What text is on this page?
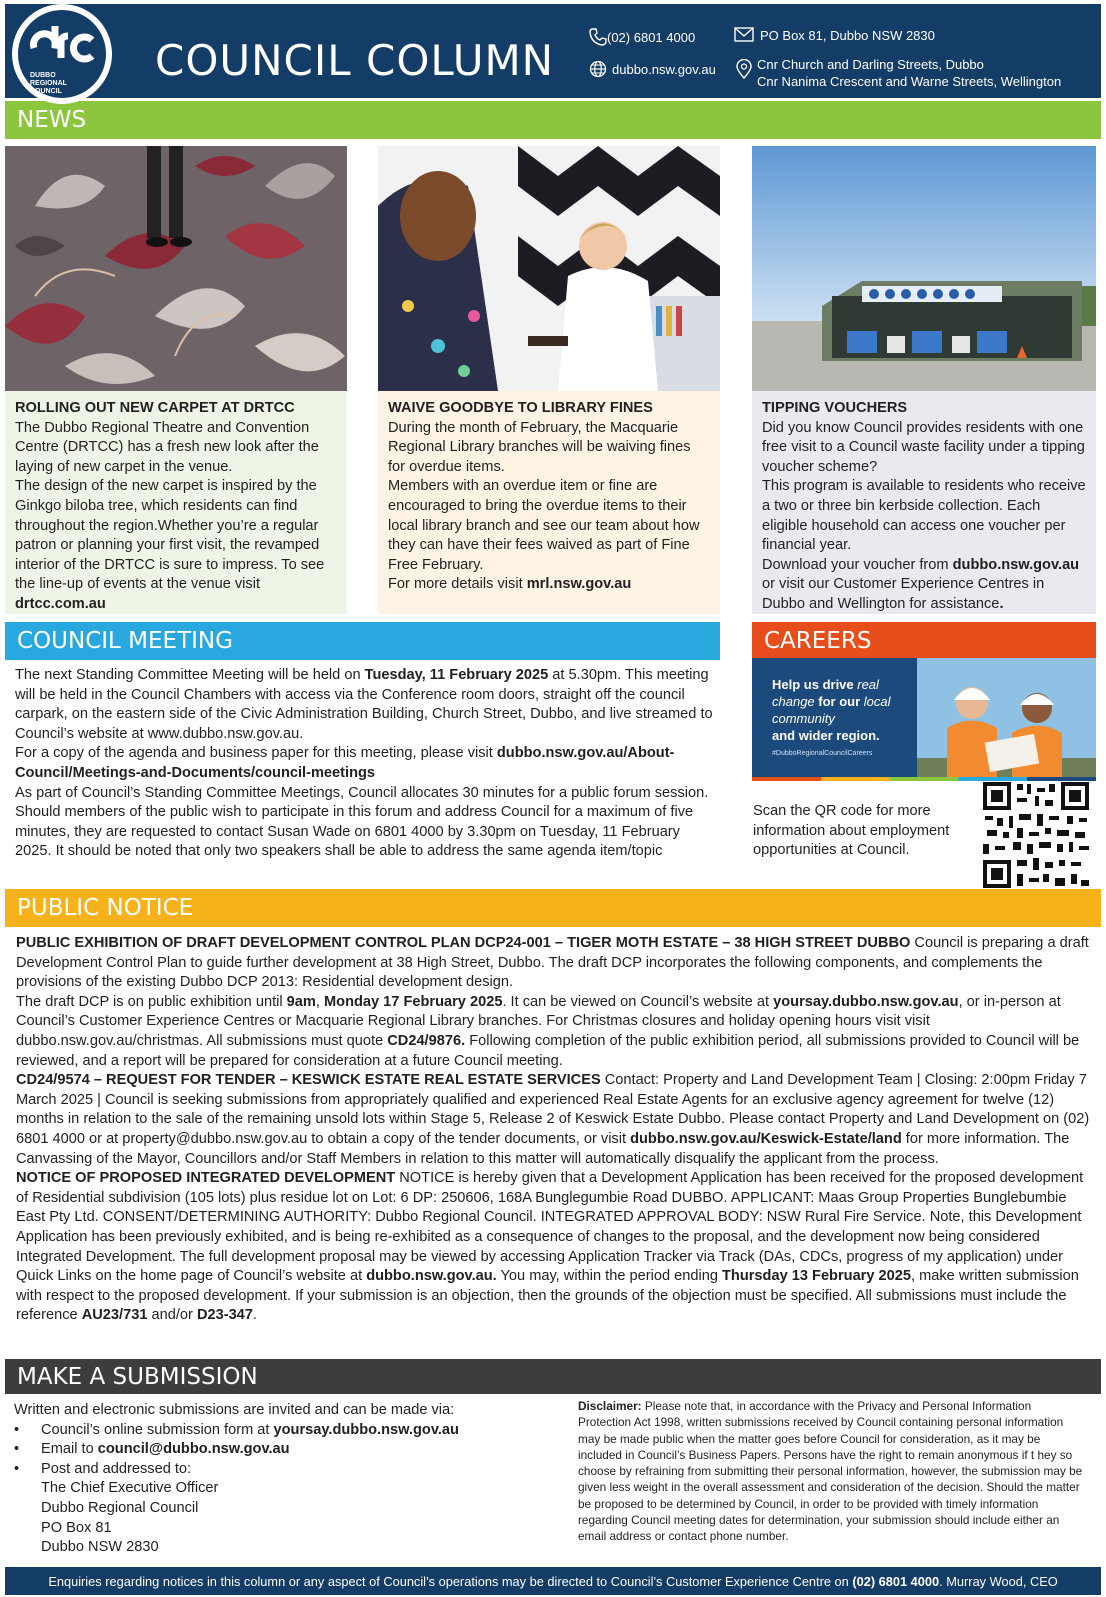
COUNCIL COLUMN	(02) 6801 4000
dubbo.nsw.gov.au
PO Box 81, Dubbo NSW 2830
Cnr Church and Darling Streets, Dubbo
Cnr Nanima Crescent and Warne Streets, Wellington
DUBBO REGIONAL COUNCIL
NEWS
ROLLING OUT NEW CARPET AT DRTCC

The Dubbo Regional Theatre and Convention Centre (DRTCC) has a fresh new look after the laying of new carpet in the venue.

The design of the new carpet is inspired by the Ginkgo biloba tree, which residents can find throughout the region.Whether you’re a regular patron or planning your first visit, the revamped interior of the DRTCC is sure to impress. To see the line-up of events at the venue visit drtcc.com.au

WAIVE GOODBYE TO LIBRARY FINES

During the month of February, the Macquarie Regional Library branches will be waiving fines for overdue items.

Members with an overdue item or fine are encouraged to bring the overdue items to their local library branch and see our team about how they can have their fees waived as part of Fine Free February.

For more details visit mrl.nsw.gov.au

TIPPING VOUCHERS

Did you know Council provides residents with one free visit to a Council waste facility under a tipping voucher scheme?

This program is available to residents who receive a two or three bin kerbside collection. Each eligible household can access one voucher per financial year.

Download your voucher from dubbo.nsw.gov.au or visit our Customer Experience Centres in Dubbo and Wellington for assistance.

COUNCIL MEETING

The next Standing Committee Meeting will be held on Tuesday, 11 February 2025 at 5.30pm. This meeting will be held in the Council Chambers with access via the Conference room doors, straight off the council carpark, on the eastern side of the Civic Administration Building, Church Street, Dubbo, and live streamed to Council’s website at www.dubbo.nsw.gov.au.

For a copy of the agenda and business paper for this meeting, please visit dubbo.nsw.gov.au/About-Council/Meetings-and-Documents/council-meetings

As part of Council’s Standing Committee Meetings, Council allocates 30 minutes for a public forum session. Should members of the public wish to participate in this forum and address Council for a maximum of five minutes, they are requested to contact Susan Wade on 6801 4000 by 3.30pm on Tuesday, 11 February 2025. It should be noted that only two speakers shall be able to address the same agenda item/topic

CAREERS
Help us drive real change for our local community
and wider region.
#DubboRegionalCouncilCareers
Scan the QR code for more information about employment opportunities at Council.
PUBLIC NOTICE

PUBLIC EXHIBITION OF DRAFT DEVELOPMENT CONTROL PLAN DCP24-001 – TIGER MOTH ESTATE – 38 HIGH STREET DUBBO Council is preparing a draft Development Control Plan to guide further development at 38 High Street, Dubbo. The draft DCP incorporates the following components, and complements the provisions of the existing Dubbo DCP 2013: Residential development design.

The draft DCP is on public exhibition until 9am, Monday 17 February 2025. It can be viewed on Council’s website at yoursay.dubbo.nsw.gov.au, or in-person at Council’s Customer Experience Centres or Macquarie Regional Library branches. For Christmas closures and holiday opening hours visit visit dubbo.nsw.gov.au/christmas. All submissions must quote CD24/9876. Following completion of the public exhibition period, all submissions provided to Council will be reviewed, and a report will be prepared for consideration at a future Council meeting.

CD24/9574 – REQUEST FOR TENDER – KESWICK ESTATE REAL ESTATE SERVICES Contact: Property and Land Development Team | Closing: 2:00pm Friday 7 March 2025 | Council is seeking submissions from appropriately qualified and experienced Real Estate Agents for an exclusive agency agreement for twelve (12) months in relation to the sale of the remaining unsold lots within Stage 5, Release 2 of Keswick Estate Dubbo. Please contact Property and Land Development on (02) 6801 4000 or at property@dubbo.nsw.gov.au to obtain a copy of the tender documents, or visit dubbo.nsw.gov.au/Keswick-Estate/land for more information. The Canvassing of the Mayor, Councillors and/or Staff Members in relation to this matter will automatically disqualify the applicant from the process.

NOTICE OF PROPOSED INTEGRATED DEVELOPMENT NOTICE is hereby given that a Development Application has been received for the proposed development of Residential subdivision (105 lots) plus residue lot on Lot: 6 DP: 250606, 168A Bunglegumbie Road DUBBO. APPLICANT: Maas Group Properties Bunglebumbie East Pty Ltd. CONSENT/DETERMINING AUTHORITY: Dubbo Regional Council. INTEGRATED APPROVAL BODY: NSW Rural Fire Service. Note, this Development Application has been previously exhibited, and is being re-exhibited as a consequence of changes to the proposal, and the development now being considered Integrated Development. The full development proposal may be viewed by accessing Application Tracker via Track (DAs, CDCs, progress of my application) under Quick Links on the home page of Council’s website at dubbo.nsw.gov.au. You may, within the period ending Thursday 13 February 2025, make written submission with respect to the proposed development. If your submission is an objection, then the grounds of the objection must be specified. All submissions must include the reference AU23/731 and/or D23-347.

MAKE A SUBMISSION

Written and electronic submissions are invited and can be made via:

• Council’s online submission form at yoursay.dubbo.nsw.gov.au
• Email to council@dubbo.nsw.gov.au
• Post and addressed to:

The Chief Executive Officer

Dubbo Regional Council

PO Box 81

Dubbo NSW 2830

Disclaimer: Please note that, in accordance with the Privacy and Personal Information Protection Act 1998, written submissions received by Council containing personal information may be made public when the matter goes before Council for consideration, as it may be included in Council’s Business Papers. Persons have the right to remain anonymous if t hey so choose by refraining from submitting their personal information, however, the submission may be given less weight in the overall assessment and consideration of the decision. Should the matter be proposed to be determined by Council, in order to be provided with timely information regarding Council meeting dates for determination, your submission should include either an email address or contact phone number.
Enquiries regarding notices in this column or any aspect of Council’s operations may be directed to Council’s Customer Experience Centre on (02) 6801 4000. Murray Wood, CEO
